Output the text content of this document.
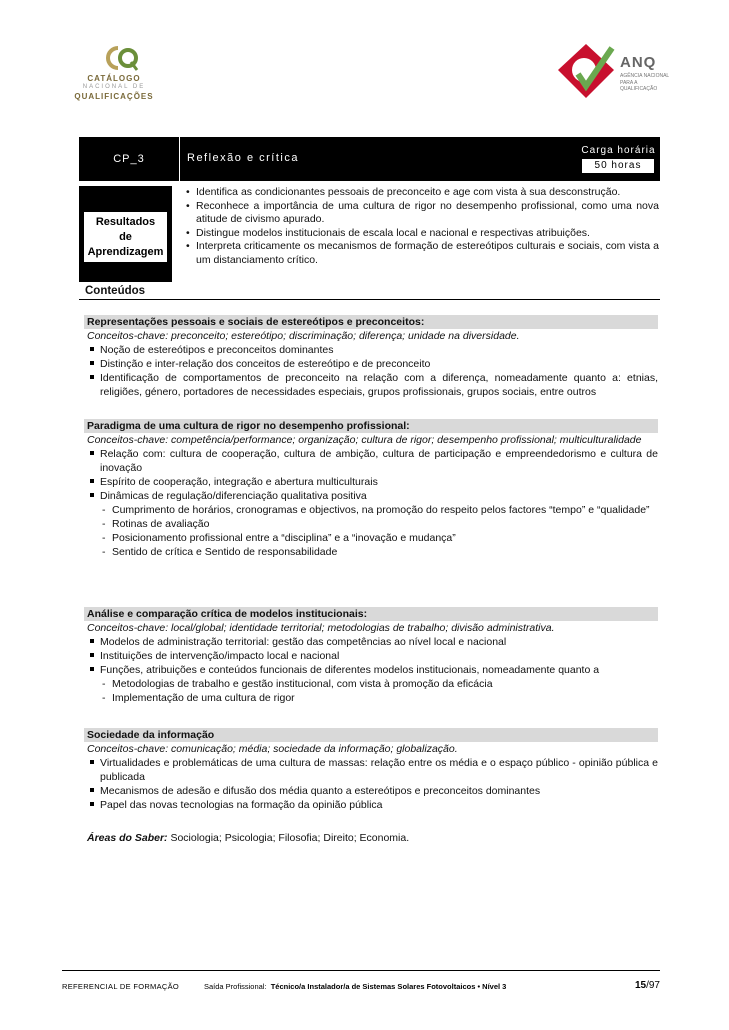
CATÁLOGO
NACIONAL DE
QUALIFICAÇÕES
ANQ
AGÊNCIA NACIONAL
PARA A QUALIFICAÇÃO
CP_3	Reflexão e crítica
Carga horária
50 horas
Resultados
de
Aprendizagem
• Identifica as condicionantes pessoais de preconceito e age com vista à sua desconstrução.
• Reconhece a importância de uma cultura de rigor no desempenho profissional, como uma nova atitude de civismo apurado.
• Distingue modelos institucionais de escala local e nacional e respectivas atribuições.
• Interpreta criticamente os mecanismos de formação de estereótipos culturais e sociais, com vista a um distanciamento crítico.
Conteúdos
Representações pessoais e sociais de estereótipos e preconceitos:
Conceitos-chave: preconceito; estereótipo; discriminação; diferença; unidade na diversidade.
Noção de estereótipos e preconceitos dominantes
Distinção e inter-relação dos conceitos de estereótipo e de preconceito
Identificação de comportamentos de preconceito na relação com a diferença, nomeadamente quanto a: etnias, religiões, género, portadores de necessidades especiais, grupos profissionais, grupos sociais, entre outros
Paradigma de uma cultura de rigor no desempenho profissional:
Conceitos-chave: competência/performance; organização; cultura de rigor; desempenho profissional; multiculturalidade
Relação com: cultura de cooperação, cultura de ambição, cultura de participação e empreendedorismo e cultura de inovação
Espírito de cooperação, integração e abertura multiculturais
Dinâmicas de regulação/diferenciação qualitativa positiva
- Cumprimento de horários, cronogramas e objectivos, na promoção do respeito pelos factores “tempo” e “qualidade”
- Rotinas de avaliação
- Posicionamento profissional entre a “disciplina” e a “inovação e mudança”
- Sentido de crítica e Sentido de responsabilidade
Análise e comparação crítica de modelos institucionais:
Conceitos-chave: local/global; identidade territorial; metodologias de trabalho; divisão administrativa.
Modelos de administração territorial: gestão das competências ao nível local e nacional
Instituições de intervenção/impacto local e nacional
Funções, atribuições e conteúdos funcionais de diferentes modelos institucionais, nomeadamente quanto a
- Metodologias de trabalho e gestão institucional, com vista à promoção da eficácia
- Implementação de uma cultura de rigor
Sociedade da informação
Conceitos-chave: comunicação; média; sociedade da informação; globalização.
Virtualidades e problemáticas de uma cultura de massas: relação entre os média e o espaço público - opinião pública e publicada
Mecanismos de adesão e difusão dos média quanto a estereótipos e preconceitos dominantes
Papel das novas tecnologias na formação da opinião pública
Áreas do Saber: Sociologia; Psicologia; Filosofia; Direito; Economia.
REFERENCIAL DE FORMAÇÃO	Saída Profissional: Técnico/a Instalador/a de Sistemas Solares Fotovoltaicos • Nível 3	15/97
